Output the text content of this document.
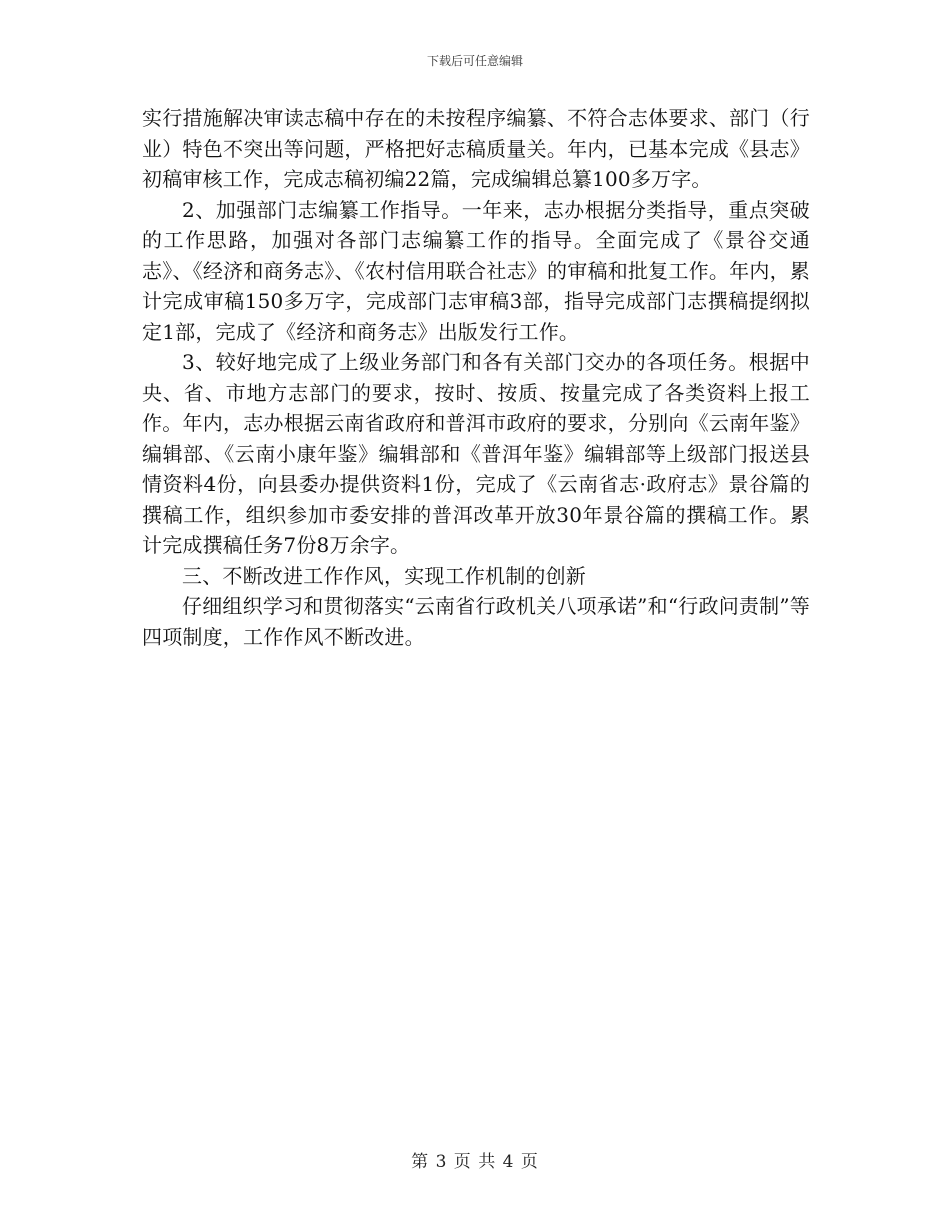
下载后可任意编辑

实行措施解决审读志稿中存在的未按程序编纂、不符合志体要求、部门（行业）特色不突出等问题，严格把好志稿质量关。年内，已基本完成《县志》初稿审核工作，完成志稿初编22篇，完成编辑总纂100多万字。

2、加强部门志编纂工作指导。一年来，志办根据分类指导，重点突破的工作思路，加强对各部门志编纂工作的指导。全面完成了《景谷交通志》、《经济和商务志》、《农村信用联合社志》的审稿和批复工作。年内，累计完成审稿150多万字，完成部门志审稿3部，指导完成部门志撰稿提纲拟定1部，完成了《经济和商务志》出版发行工作。

3、较好地完成了上级业务部门和各有关部门交办的各项任务。根据中央、省、市地方志部门的要求，按时、按质、按量完成了各类资料上报工作。年内，志办根据云南省政府和普洱市政府的要求，分别向《云南年鉴》编辑部、《云南小康年鉴》编辑部和《普洱年鉴》编辑部等上级部门报送县情资料4份，向县委办提供资料1份，完成了《云南省志·政府志》景谷篇的撰稿工作，组织参加市委安排的普洱改革开放30年景谷篇的撰稿工作。累计完成撰稿任务7份8万余字。

三、不断改进工作作风，实现工作机制的创新

仔细组织学习和贯彻落实“云南省行政机关八项承诺”和“行政问责制”等四项制度，工作作风不断改进。

第 3 页 共 4 页
